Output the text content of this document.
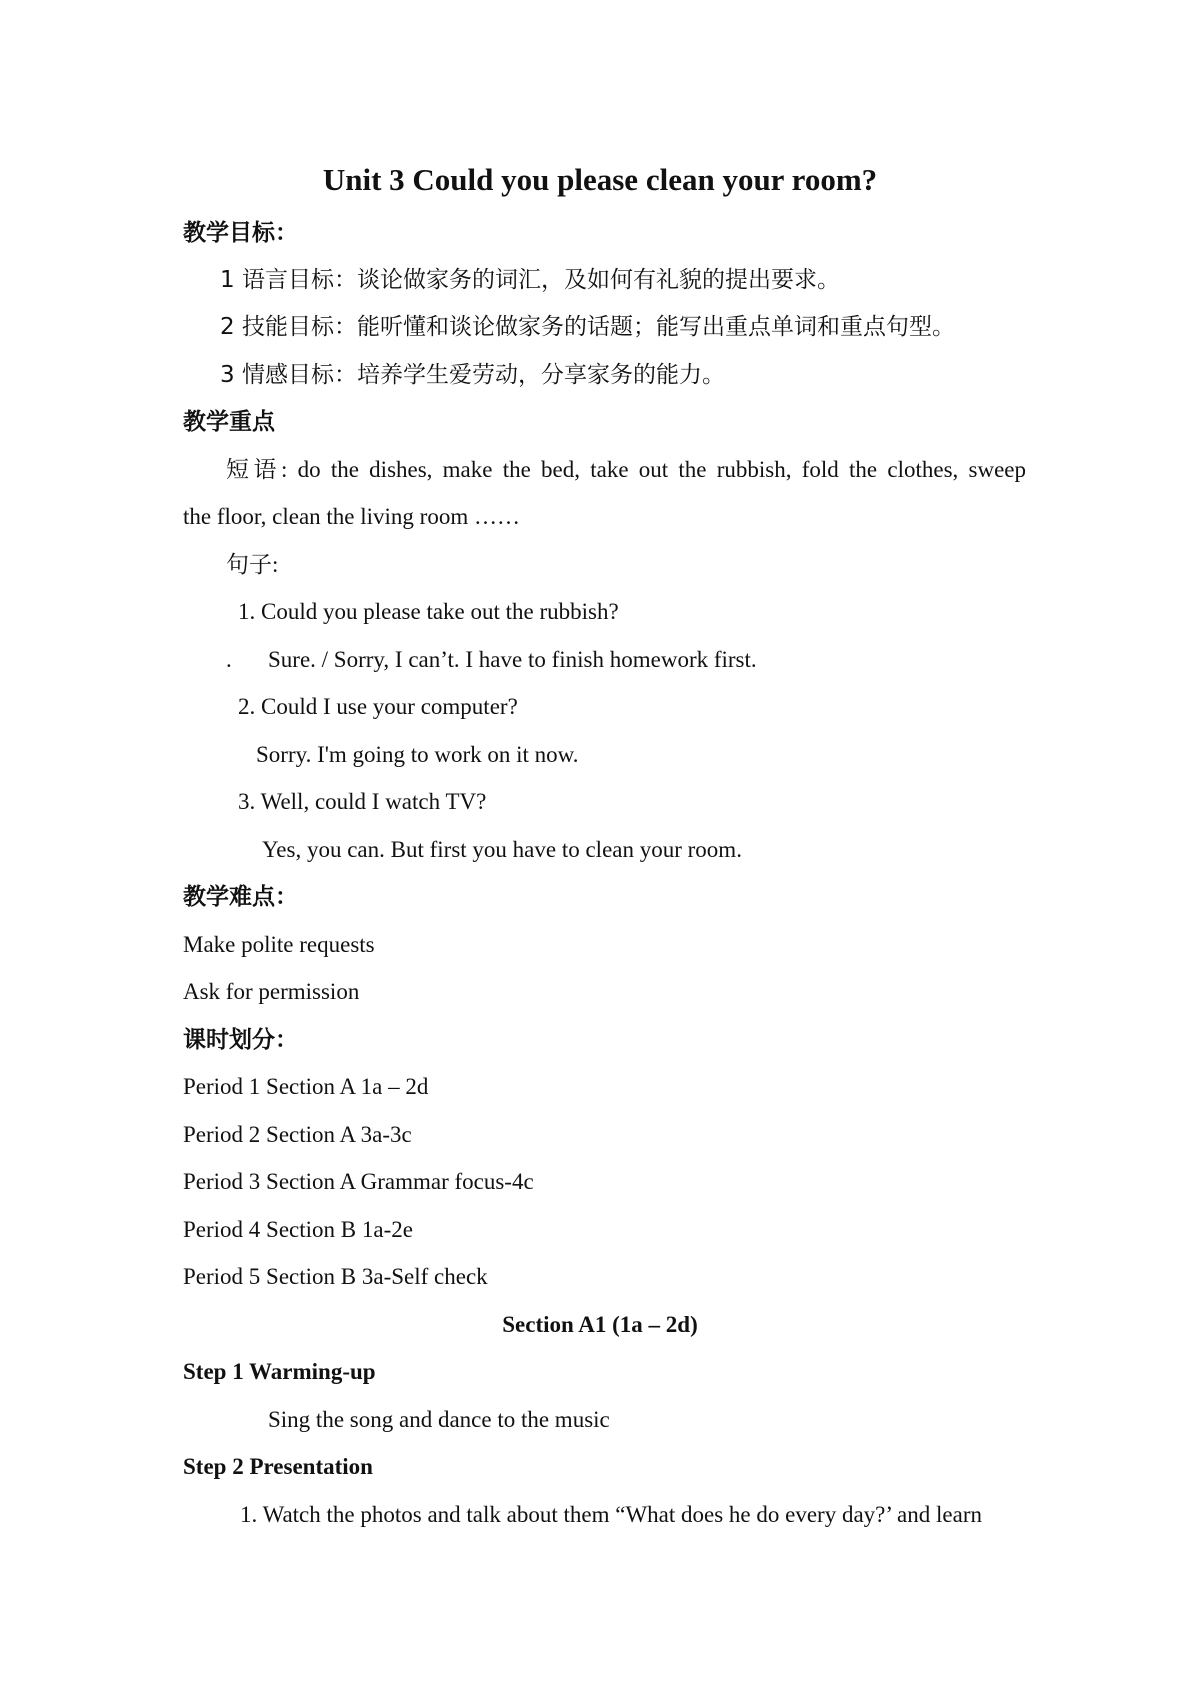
Unit 3 Could you please clean your room?
教学目标：
1 语言目标：谈论做家务的词汇，及如何有礼貌的提出要求。
2 技能目标：能听懂和谈论做家务的话题；能写出重点单词和重点句型。
3 情感目标：培养学生爱劳动，分享家务的能力。
教学重点
短语: do the dishes, make the bed, take out the rubbish, fold the clothes, sweep
the floor, clean the living room ……
句子:
1. Could you please take out the rubbish?
. Sure. / Sorry, I can’t. I have to finish homework first.
2. Could I use your computer?
Sorry. I'm going to work on it now.
3. Well, could I watch TV?
Yes, you can. But first you have to clean your room.
教学难点：
Make polite requests
Ask for permission
课时划分：
Period 1 Section A 1a – 2d
Period 2 Section A 3a-3c
Period 3 Section A Grammar focus-4c
Period 4 Section B 1a-2e
Period 5 Section B 3a-Self check
Section A1 (1a – 2d)
Step 1 Warming-up
Sing the song and dance to the music
Step 2 Presentation
1. Watch the photos and talk about them “What does he do every day?’ and learn
